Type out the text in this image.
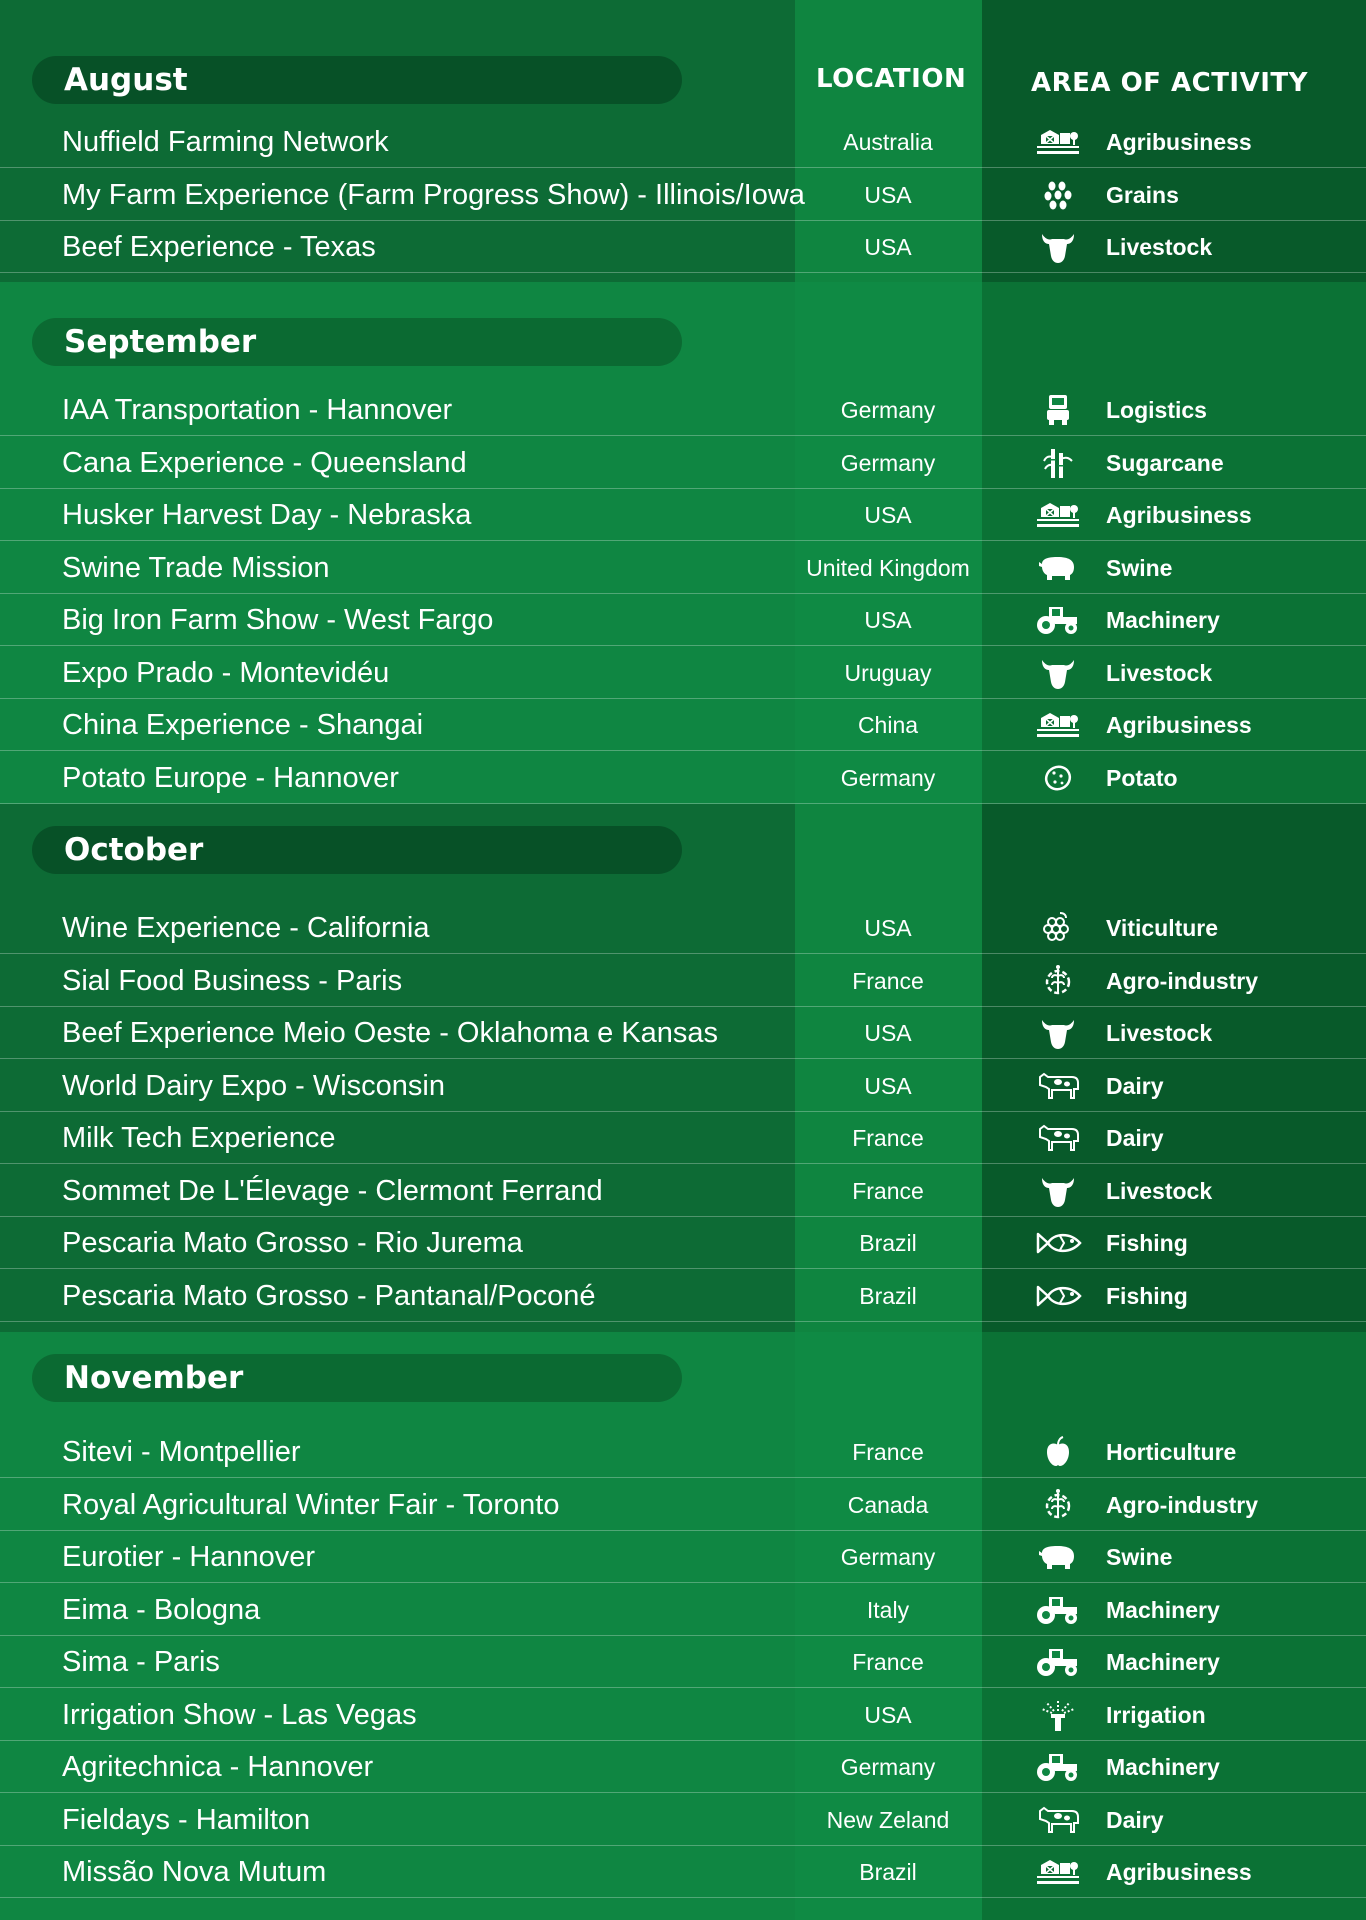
August	LOCATION AREA OF ACTIVITY
Nuffield Farming Network	Australia	Agribusiness
My Farm Experience (Farm Progress Show) - Illinois/Iowa	USA	Grains
Beef Experience - Texas	USA	Livestock
September
IAA Transportation - Hannover	Germany	Logistics
Cana Experience - Queensland	Germany	Sugarcane
Husker Harvest Day - Nebraska	USA	Agribusiness
Swine Trade Mission	United Kingdom	Swine
Big Iron Farm Show - West Fargo	USA	Machinery
Expo Prado - Montevidéu	Uruguay	Livestock
China Experience - Shangai	China	Agribusiness
Potato Europe - Hannover	Germany	Potato
October
Wine Experience - California	USA	Viticulture
Sial Food Business - Paris	France	Agro-industry
Beef Experience Meio Oeste - Oklahoma e Kansas	USA	Livestock
World Dairy Expo - Wisconsin	USA	Dairy
Milk Tech Experience	France	Dairy
Sommet De L'Élevage - Clermont Ferrand	France	Livestock
Pescaria Mato Grosso - Rio Jurema	Brazil	Fishing
Pescaria Mato Grosso - Pantanal/Poconé	Brazil	Fishing
November
Sitevi - Montpellier	France	Horticulture
Royal Agricultural Winter Fair - Toronto	Canada	Agro-industry
Eurotier - Hannover	Germany	Swine
Eima - Bologna	Italy	Machinery
Sima - Paris	France	Machinery
Irrigation Show - Las Vegas	USA	Irrigation
Agritechnica - Hannover	Germany	Machinery
Fieldays - Hamilton	New Zeland	Dairy
Missão Nova Mutum	Brazil	Agribusiness
